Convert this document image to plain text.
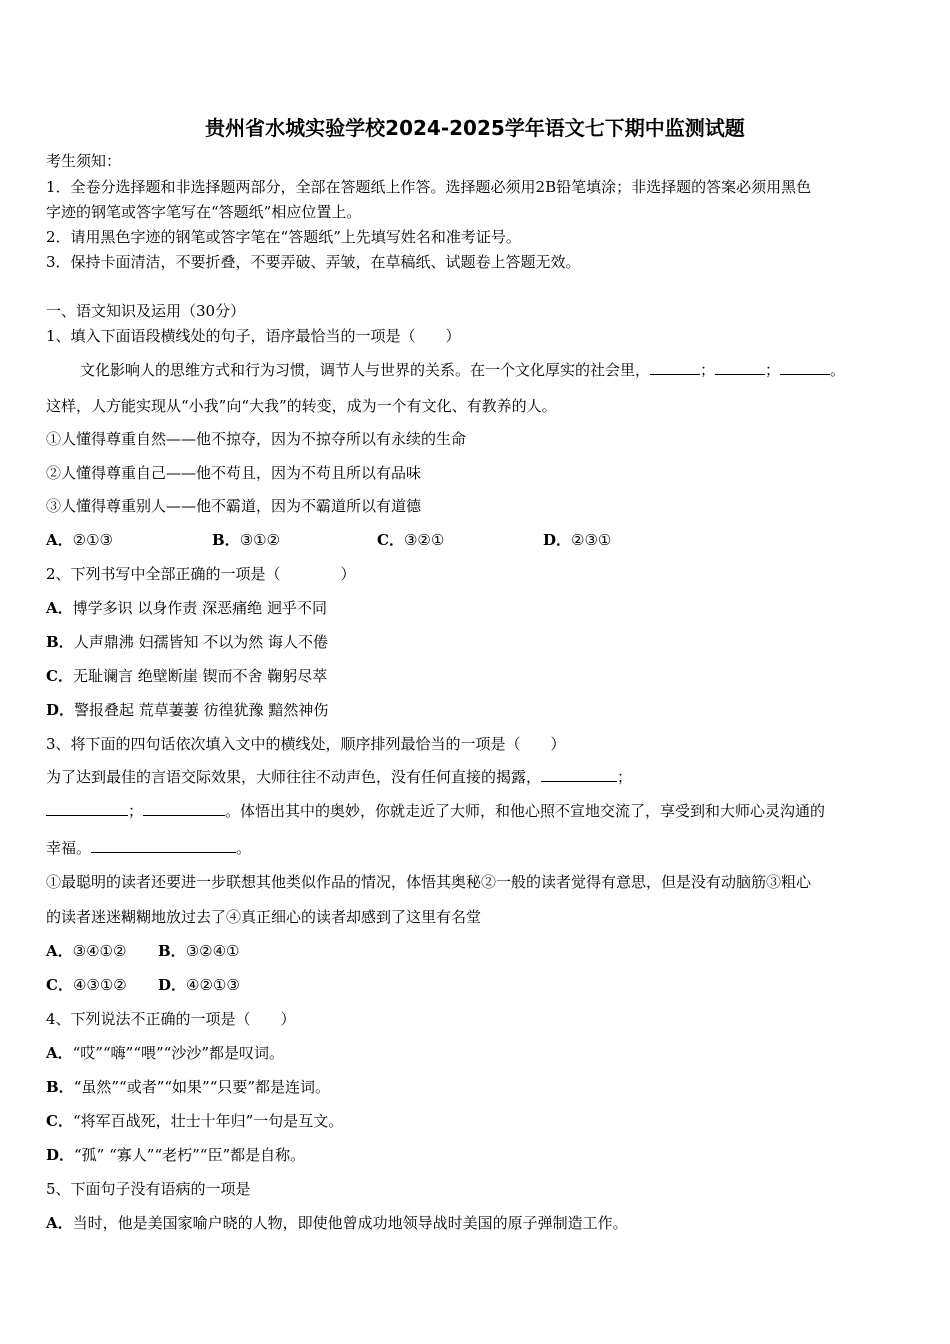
贵州省水城实验学校2024-2025学年语文七下期中监测试题
考生须知：
1．全卷分选择题和非选择题两部分，全部在答题纸上作答。选择题必须用2B铅笔填涂；非选择题的答案必须用黑色
字迹的钢笔或答字笔写在“答题纸”相应位置上。
2．请用黑色字迹的钢笔或答字笔在“答题纸”上先填写姓名和准考证号。
3．保持卡面清洁，不要折叠，不要弄破、弄皱，在草稿纸、试题卷上答题无效。
一、语文知识及运用（30分）
1、填入下面语段横线处的句子，语序最恰当的一项是（　　）
文化影响人的思维方式和行为习惯，调节人与世界的关系。在一个文化厚实的社会里，	；	；	。
这样，人方能实现从“小我”向“大我”的转变，成为一个有文化、有教养的人。
①人懂得尊重自然——他不掠夺，因为不掠夺所以有永续的生命
②人懂得尊重自己——他不苟且，因为不苟且所以有品味
③人懂得尊重别人——他不霸道，因为不霸道所以有道德
A．②①③	B．③①②	C．③②①	D．②③①
2、下列书写中全部正确的一项是（　　　　）
A．博学多识 以身作责 深恶痛绝 迥乎不同
B．人声鼎沸 妇孺皆知 不以为然 诲人不倦
C．无耻谰言 绝壁断崖 锲而不舍 鞠躬尽萃
D．警报叠起 荒草萋萋 彷徨犹豫 黯然神伤
3、将下面的四句话依次填入文中的横线处，顺序排列最恰当的一项是（　　）
为了达到最佳的言语交际效果，大师往往不动声色，没有任何直接的揭露，	；
；	。体悟出其中的奥妙，你就走近了大师，和他心照不宣地交流了，享受到和大师心灵沟通的
幸福。	。
①最聪明的读者还要进一步联想其他类似作品的情况，体悟其奥秘②一般的读者觉得有意思，但是没有动脑筋③粗心
的读者迷迷糊糊地放过去了④真正细心的读者却感到了这里有名堂
A．③④①② B．③②④①
C．④③①② D．④②①③
4、下列说法不正确的一项是（　　）
A．“哎”“嗨”“喂”“沙沙”都是叹词。
B．“虽然”“或者”“如果”“只要”都是连词。
C．“将军百战死，壮士十年归”一句是互文。
D．“孤” “寡人”“老朽”“臣”都是自称。
5、下面句子没有语病的一项是
A．当时，他是美国家喻户晓的人物，即使他曾成功地领导战时美国的原子弹制造工作。
